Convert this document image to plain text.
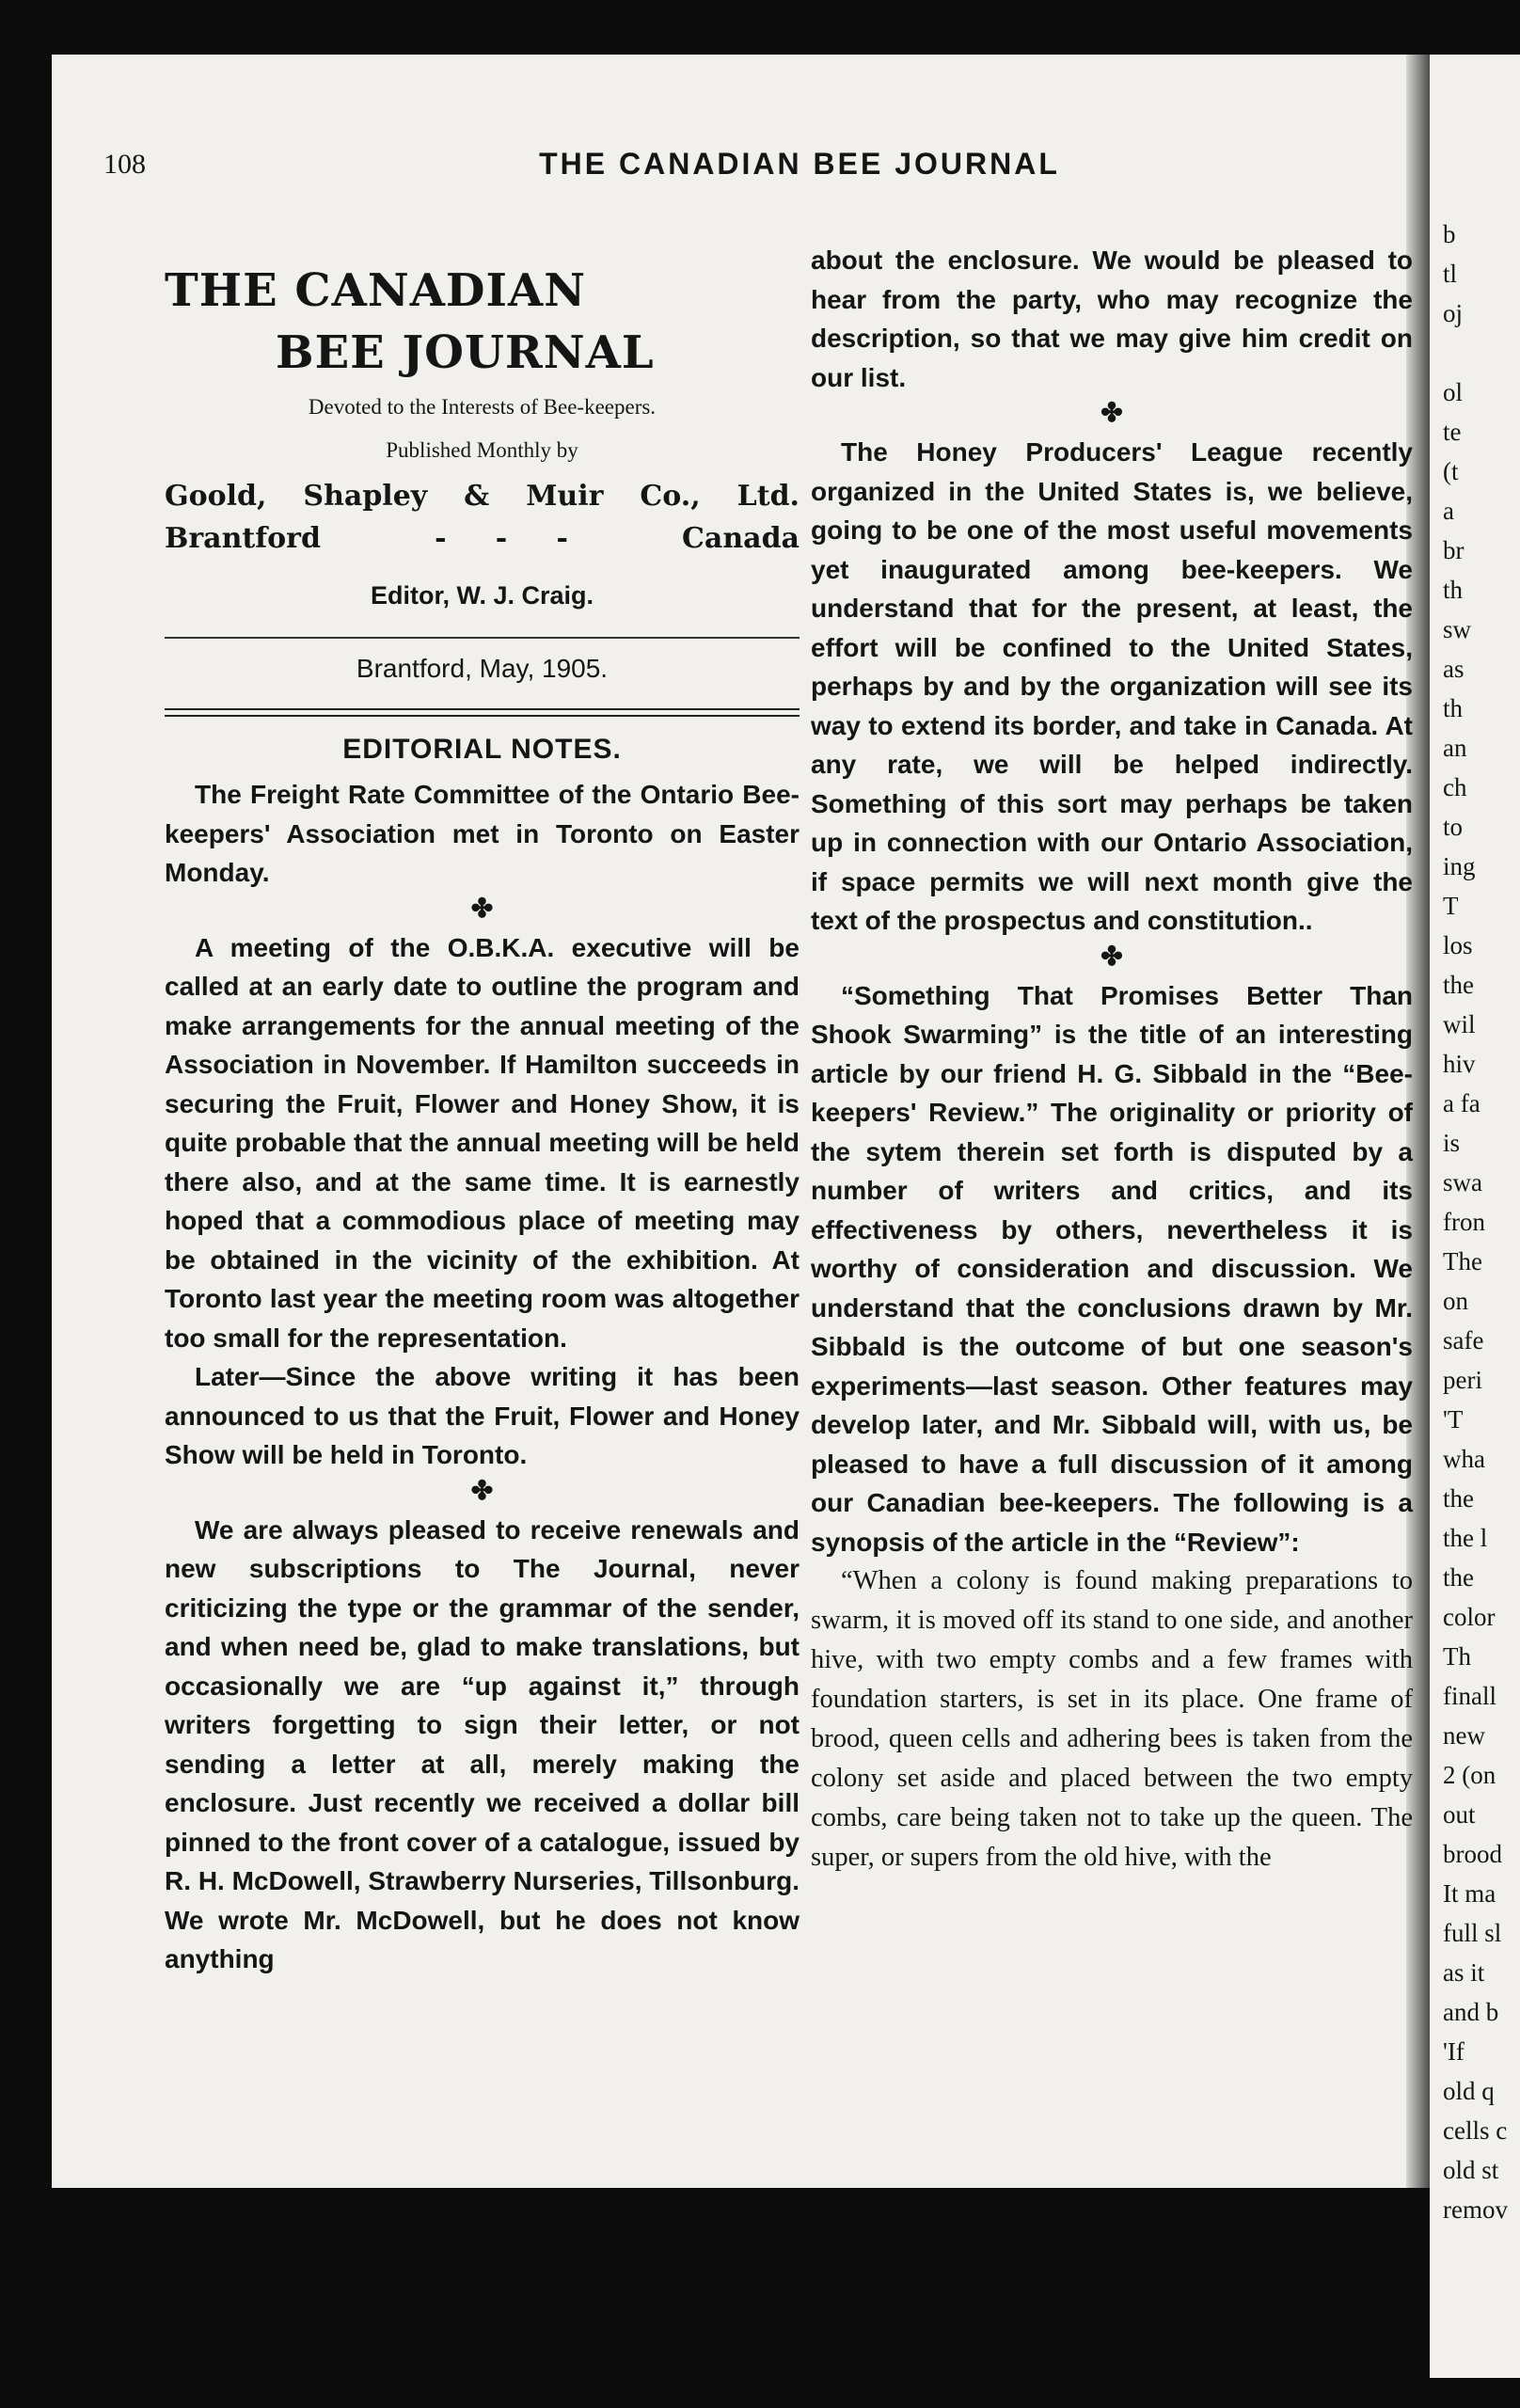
b
tl
oj

ol
te
(t
a
br
th
sw
as
th
an
ch
to
ing
T
los
the
wil
hiv
a fa
is
swa
fron
The
on
safe
peri
'T
wha
the
the l
the
color
Th
finall
new
2 (on
out
brood
It ma
full sl
as it
and b
'If
old q
cells c
old st
remov
108	THE CANADIAN BEE JOURNAL
THE CANADIAN
BEE JOURNAL
Devoted to the Interests of Bee-keepers.
Published Monthly by
Goold, Shapley & Muir Co., Ltd.
Brantford	-     -     -	Canada
Editor, W. J. Craig.
Brantford, May, 1905.
EDITORIAL NOTES.

The Freight Rate Committee of the Ontario Bee-keepers' Association met in Toronto on Easter Monday.

✤

A meeting of the O.B.K.A. executive will be called at an early date to outline the program and make arrangements for the annual meeting of the Association in November. If Hamilton succeeds in securing the Fruit, Flower and Honey Show, it is quite probable that the annual meeting will be held there also, and at the same time. It is earnestly hoped that a commodious place of meeting may be obtained in the vicinity of the exhibition. At Toronto last year the meeting room was altogether too small for the representation.

Later—Since the above writing it has been announced to us that the Fruit, Flower and Honey Show will be held in Toronto.

✤

We are always pleased to receive renewals and new subscriptions to The Journal, never criticizing the type or the grammar of the sender, and when need be, glad to make translations, but occasionally we are “up against it,” through writers forgetting to sign their letter, or not sending a letter at all, merely making the enclosure. Just recently we received a dollar bill pinned to the front cover of a catalogue, issued by R. H. McDowell, Strawberry Nurseries, Tillsonburg. We wrote Mr. McDowell, but he does not know anything

about the enclosure. We would be pleased to hear from the party, who may recognize the description, so that we may give him credit on our list.

✤

The Honey Producers' League recently organized in the United States is, we believe, going to be one of the most useful movements yet inaugurated among bee-keepers. We understand that for the present, at least, the effort will be confined to the United States, perhaps by and by the organization will see its way to extend its border, and take in Canada. At any rate, we will be helped indirectly. Something of this sort may perhaps be taken up in connection with our Ontario Association, if space permits we will next month give the text of the prospectus and constitution..

✤

“Something That Promises Better Than Shook Swarming” is the title of an interesting article by our friend H. G. Sibbald in the “Bee-keepers' Review.” The originality or priority of the sytem therein set forth is disputed by a number of writers and critics, and its effectiveness by others, nevertheless it is worthy of consideration and discussion. We understand that the conclusions drawn by Mr. Sibbald is the outcome of but one season's experiments—last season. Other features may develop later, and Mr. Sibbald will, with us, be pleased to have a full discussion of it among our Canadian bee-keepers. The following is a synopsis of the article in the “Review”:

“When a colony is found making preparations to swarm, it is moved off its stand to one side, and another hive, with two empty combs and a few frames with foundation starters, is set in its place. One frame of brood, queen cells and adhering bees is taken from the colony set aside and placed between the two empty combs, care being taken not to take up the queen. The super, or supers from the old hive, with the
